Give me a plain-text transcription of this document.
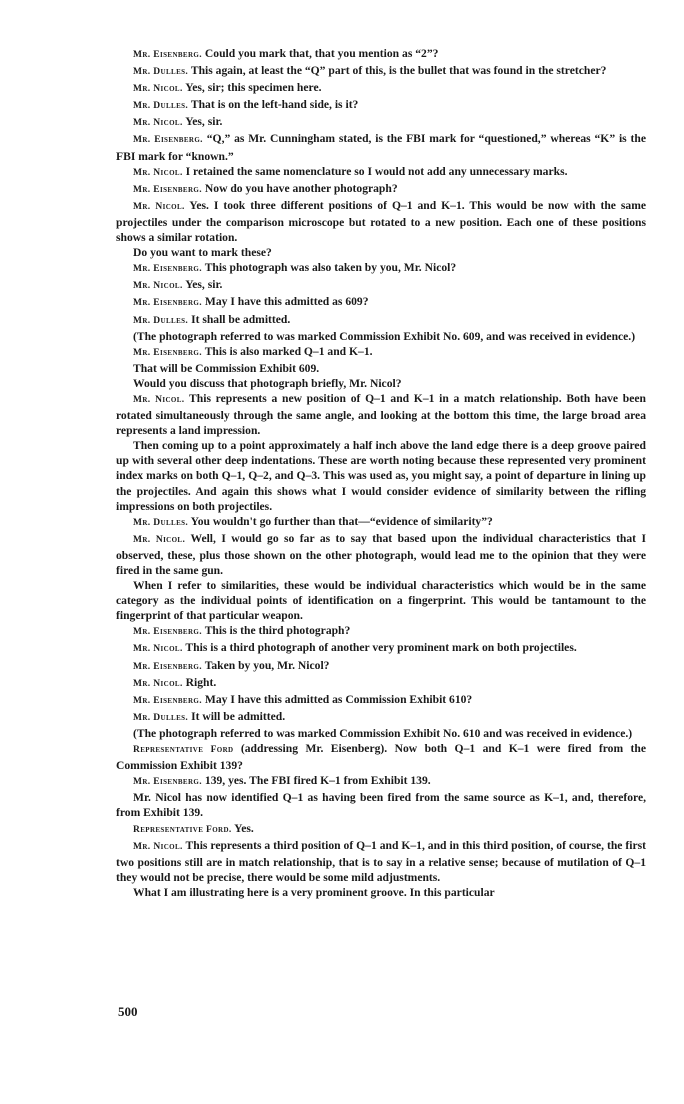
Mr. Eisenberg. Could you mark that, that you mention as “2”?

Mr. Dulles. This again, at least the “Q” part of this, is the bullet that was found in the stretcher?

Mr. Nicol. Yes, sir; this specimen here.

Mr. Dulles. That is on the left-hand side, is it?

Mr. Nicol. Yes, sir.

Mr. Eisenberg. “Q,” as Mr. Cunningham stated, is the FBI mark for “questioned,” whereas “K” is the FBI mark for “known.”

Mr. Nicol. I retained the same nomenclature so I would not add any unnecessary marks.

Mr. Eisenberg. Now do you have another photograph?

Mr. Nicol. Yes. I took three different positions of Q–1 and K–1. This would be now with the same projectiles under the comparison microscope but rotated to a new position. Each one of these positions shows a similar rotation.

Do you want to mark these?

Mr. Eisenberg. This photograph was also taken by you, Mr. Nicol?

Mr. Nicol. Yes, sir.

Mr. Eisenberg. May I have this admitted as 609?

Mr. Dulles. It shall be admitted.

(The photograph referred to was marked Commission Exhibit No. 609, and was received in evidence.)

Mr. Eisenberg. This is also marked Q–1 and K–1.

That will be Commission Exhibit 609.

Would you discuss that photograph briefly, Mr. Nicol?

Mr. Nicol. This represents a new position of Q–1 and K–1 in a match relationship. Both have been rotated simultaneously through the same angle, and looking at the bottom this time, the large broad area represents a land impression.

Then coming up to a point approximately a half inch above the land edge there is a deep groove paired up with several other deep indentations. These are worth noting because these represented very prominent index marks on both Q–1, Q–2, and Q–3. This was used as, you might say, a point of departure in lining up the projectiles. And again this shows what I would consider evidence of similarity between the rifling impressions on both projectiles.

Mr. Dulles. You wouldn't go further than that—“evidence of similarity”?

Mr. Nicol. Well, I would go so far as to say that based upon the individual characteristics that I observed, these, plus those shown on the other photograph, would lead me to the opinion that they were fired in the same gun.

When I refer to similarities, these would be individual characteristics which would be in the same category as the individual points of identification on a fingerprint. This would be tantamount to the fingerprint of that particular weapon.

Mr. Eisenberg. This is the third photograph?

Mr. Nicol. This is a third photograph of another very prominent mark on both projectiles.

Mr. Eisenberg. Taken by you, Mr. Nicol?

Mr. Nicol. Right.

Mr. Eisenberg. May I have this admitted as Commission Exhibit 610?

Mr. Dulles. It will be admitted.

(The photograph referred to was marked Commission Exhibit No. 610 and was received in evidence.)

Representative Ford (addressing Mr. Eisenberg). Now both Q–1 and K–1 were fired from the Commission Exhibit 139?

Mr. Eisenberg. 139, yes. The FBI fired K–1 from Exhibit 139.

Mr. Nicol has now identified Q–1 as having been fired from the same source as K–1, and, therefore, from Exhibit 139.

Representative Ford. Yes.

Mr. Nicol. This represents a third position of Q–1 and K–1, and in this third position, of course, the first two positions still are in match relationship, that is to say in a relative sense; because of mutilation of Q–1 they would not be precise, there would be some mild adjustments.

What I am illustrating here is a very prominent groove. In this particular

500
